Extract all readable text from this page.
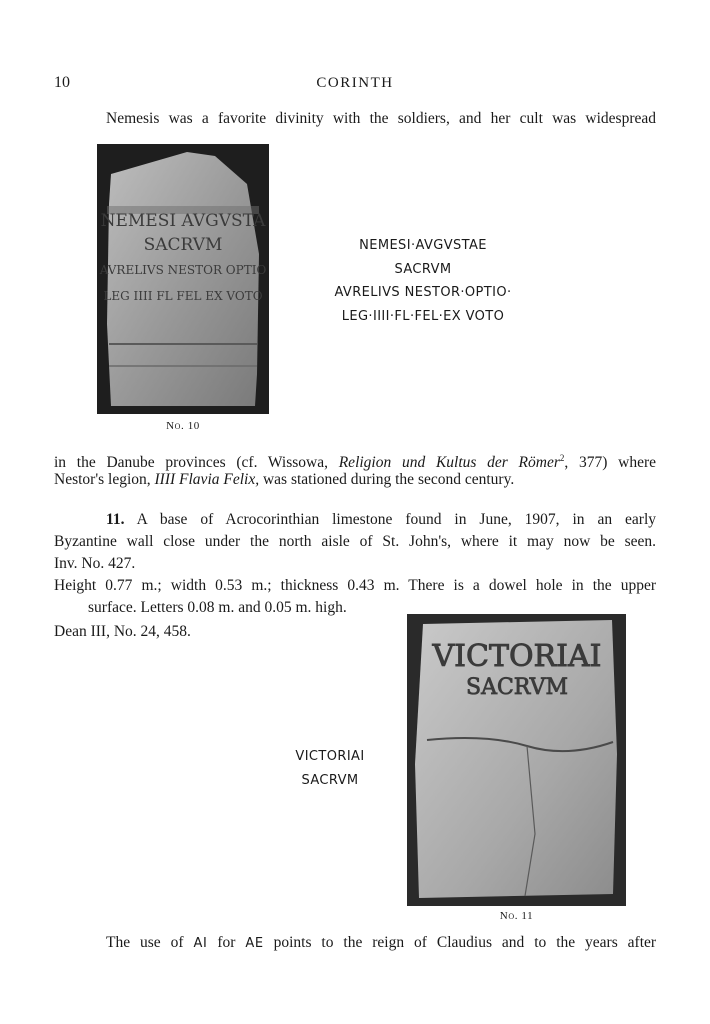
10	CORINTH
Nemesis was a favorite divinity with the soldiers, and her cult was widespread
NEMESI AVGVSTA
SACRVM
AVRELIVS NESTOR OPTIO
LEG IIII FL FEL EX VOTO
No. 10
NEMESI·AVGVSTAE
SACRVM
AVRELIVS NESTOR·OPTIO·
LEG·IIII·FL·FEL·EX VOTO
in the Danube provinces (cf. Wissowa, Religion und Kultus der Römer$^2$, 377) where
Nestor's legion, IIII Flavia Felix, was stationed during the second century.
11. A base of Acrocorinthian limestone found in June, 1907, in an early
Byzantine wall close under the north aisle of St. John's, where it may now be seen.
Inv. No. 427.
Height 0.77 m.; width 0.53 m.; thickness 0.43 m. There is a dowel hole in the upper
surface. Letters 0.08 m. and 0.05 m. high.
Dean III, No. 24, 458.
VICTORIAI
SACRVM
No. 11
VICTORIAI
SACRVM
The use of AI for AE points to the reign of Claudius and to the years after
